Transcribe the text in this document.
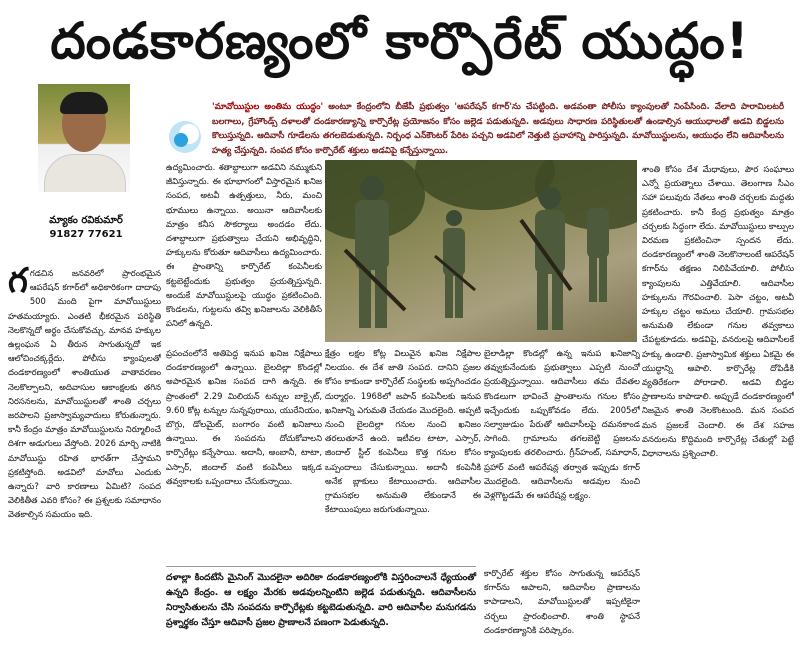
దండకారణ్యంలో కార్పొరేట్ యుద్ధం!
మ్యాకం రవికుమార్
91827 77621
'మావోయిస్టుల అంతిమ యుద్ధం' అంటూ కేంద్రంలోని బీజేపీ ప్రభుత్వం 'ఆపరేషన్ కగార్'ను చేపట్టింది. అడవంతా పోలీసు క్యాంపులతో నింపేసింది. వేలాది పారామిలటరీ బలగాలు, గ్రేహౌండ్స్ దళాలతో దండకారణ్యాన్ని కార్పొరేట్ల ప్రయోజనం కోసం జల్లెడ పడుతున్నది. అడవులు సాధారణ పరిస్థితులతో ఉండాల్సిన ఆయుధాలతో అడవి బిడ్డలను కొలుస్తున్నది. ఆదివాసీ గూడేలను తగలబెడుతున్నది. నిర్బంధ ఎన్‌కౌంటర్ పేరిట పచ్చని అడవిలో నెత్తుటి ప్రవాహాన్ని పారిస్తున్నది. మావోయిస్టులను, ఆయుధం లేని ఆదివాసీలను హత్య చేస్తున్నది. సంపద కోసం కార్పొరేట్ శక్తులు అడవిపై కన్నేస్తున్నాయి.
గగడచిన జనవరిలో ప్రారంభమైన ఆపరేషన్ కగార్‌లో అధికారికంగా దాదాపు 500 మంది పైగా మావోయిస్టులు హతమయ్యారు. ఎంతటి భీకరమైన పరిస్థితి నెలకొన్నదో అర్థం చేసుకోవచ్చు. మానవ హక్కుల ఉల్లంఘన ఏ తీరున సాగుతున్నదో ఇక ఆలోచించక్కర్లేదు. పోలీసు క్యాంపులతో దండకారణ్యంలో శాంతియుత వాతావరణం నెలకొల్పాలని, అదివాసుల ఆకాంక్షలకు తగిన నిరసనలను, మావోయిస్టులతో శాంతి చర్చలు జరపాలని ప్రజాస్వామ్యవాదులు కోరుతున్నారు. కానీ కేంద్రం మాత్రం మావోయిస్టులను నిర్మూలించే దిశగా అడుగులు వేస్తోంది. 2026 మార్చి నాటికి మావోయిస్టు రహిత భారత్‌గా చేస్తామని ప్రకటిస్తోంది. అడవిలో మావోలు ఎందుకు ఉన్నారు? వారి కారణాలు ఏమిటి? సంపద వెలికితీత ఎవరి కోసం? ఈ ప్రశ్నలకు సమాధానం వెతకాల్సిన సమయం ఇది.
ఉద్యమించారు. శతాబ్దాలుగా అడవిని నమ్ముకుని జీవిస్తున్నారు. ఈ భూభాగంలో విస్తారమైన ఖనిజ సంపద, అటవీ ఉత్పత్తులు, నీరు, మంచి భూములు ఉన్నాయి. అయినా ఆదివాసీలకు మాత్రం కనీస సౌకర్యాలు అందడం లేదు. దశాబ్దాలుగా ప్రభుత్వాలు చేయని అభివృద్ధిని, హక్కులను కోరుతూ ఆదివాసీలు ఉద్యమించారు. ఈ ప్రాంతాన్ని కార్పొరేట్ కంపెనీలకు కట్టబెట్టేందుకు ప్రభుత్వం ప్రయత్నిస్తున్నది. అందుకే మావోయిస్టులపై యుద్ధం ప్రకటించింది. కొండలను, గుట్టలను తవ్వి ఖనిజాలను వెలికితీసే పనిలో ఉన్నది.
ప్రపంచంలోనే అతిపెద్ద ఇనుప ఖనిజ నిక్షేపాలు దండకారణ్యంలో ఉన్నాయి. బైలదిల్లా కొండల్లో అపారమైన ఖనిజ సంపద దాగి ఉన్నది. ఈ ప్రాంతంలో 2.29 మిలియన్ టన్నుల బాక్సైట్, 9.60 కోట్ల టన్నుల సున్నపురాయి, యురేనియం, బొగ్గు, డోలమైట్, బంగారం వంటి ఖనిజాలు ఉన్నాయి. ఈ సంపదను దోచుకోవాలని కార్పొరేట్లు కన్నేసాయి. అదానీ, అంబానీ, టాటా, ఎస్సార్, జిందాల్ వంటి కంపెనీలు ఇక్కడ తవ్వకాలకు ఒప్పందాలు చేసుకున్నాయి.
క్షేత్రం లక్షల కోట్ల విలువైన ఖనిజ నిక్షేపాల నిలయం. ఈ దేశ జాతి సంపద. దానిని ప్రజల కోసం కాకుండా కార్పొరేట్ సంస్థలకు అప్పగించడం దుర్మార్గం. 1968లో జపాన్ కంపెనీలకు ఇనుప ఖనిజాన్ని ఎగుమతి చేయడం మొదలైంది. అప్పటి నుంచి బైలదిల్లా గనుల నుంచి ఖనిజం తరలుతూనే ఉంది. ఇటీవల టాటా, ఎస్సార్, జిందాల్ స్టీల్ కంపెనీలు కొత్త గనుల కోసం ఒప్పందాలు చేసుకున్నాయి. అదానీ కంపెనీకి అనేక బ్లాకులు కేటాయించారు. ఆదివాసీల గ్రామసభల అనుమతి లేకుండానే ఈ కేటాయింపులు జరుగుతున్నాయి.
బైలాడిల్లా కొండల్లో ఉన్న ఇనుప ఖనిజాన్ని తవ్వుకునేందుకు ప్రభుత్వాలు ఎప్పటి నుంచో ప్రయత్నిస్తున్నాయి. ఆదివాసీలు తమ దేవతల కొండలుగా భావించే ప్రాంతాలను గనుల కోసం ఇచ్చేందుకు ఒప్పుకోవడం లేదు. 2005లో సల్వాజుడుం పేరుతో ఆదివాసీలపై దమనకాండ సాగింది. గ్రామాలను తగలబెట్టి ప్రజలను క్యాంపులకు తరలించారు. గ్రీన్‌హంట్, సమాధాన్, ప్రహార్ వంటి ఆపరేషన్ల తర్వాత ఇప్పుడు కగార్ మొదలైంది. ఆదివాసీలను అడవుల నుంచి వెళ్లగొట్టడమే ఈ ఆపరేషన్ల లక్ష్యం.
శాంతి కోసం దేశ మేధావులు, పౌర సంఘాలు ఎన్నో ప్రయత్నాలు చేశాయి. తెలంగాణ సీఎం సహా పలువురు నేతలు శాంతి చర్చలకు మద్దతు ప్రకటించారు. కానీ కేంద్ర ప్రభుత్వం మాత్రం చర్చలకు సిద్ధంగా లేదు. మావోయిస్టులు కాల్పుల విరమణ ప్రకటించినా స్పందన లేదు. దండకారణ్యంలో శాంతి నెలకొనాలంటే ఆపరేషన్ కగార్‌ను తక్షణం నిలిపివేయాలి. పోలీసు క్యాంపులను ఎత్తివేయాలి. ఆదివాసీల హక్కులను గౌరవించాలి. పెసా చట్టం, అటవీ హక్కుల చట్టం అమలు చేయాలి. గ్రామసభల అనుమతి లేకుండా గనుల తవ్వకాలు చేపట్టకూడదు. అడవిపై, వనరులపై ఆదివాసీలకే హక్కు ఉండాలి. ప్రజాస్వామిక శక్తులు ఏకమై ఈ యుద్ధాన్ని ఆపాలి. కార్పొరేట్ల దోపిడీకి వ్యతిరేకంగా పోరాడాలి. అడవి బిడ్డల ప్రాణాలను కాపాడాలి. అప్పుడే దండకారణ్యంలో నిజమైన శాంతి నెలకొంటుంది. మన సంపద మన ప్రజలకే చెందాలి. ఈ దేశ సహజ వనరులను కొద్దిమంది కార్పొరేట్ల చేతుల్లో పెట్టే విధానాలను ప్రశ్నించాలి.
దళాల్లా కిందటేసే మైనింగ్ మొదలైనా అదిరికా దండకారణ్యంలోకి విస్తరించాలనే ధ్యేయంతో ఉన్నది కేంద్రం. ఆ లక్ష్యం మేరకు అడవులన్నింటిని జల్లెడ పడుతున్నది. ఆదివాసీలను నిర్వాసితులను చేసి సంపదను కార్పొరేట్లకు కట్టబెడుతున్నది. వారి ఆదివాసీల మనుగడను ప్రశ్నార్థకం చేస్తూ ఆదివాసీ ప్రజల ప్రాణాలనే పణంగా పెడుతున్నది.
కార్పొరేట్ శక్తుల కోసం సాగుతున్న ఆపరేషన్ కగార్‌ను ఆపాలని, ఆదివాసీల ప్రాణాలను కాపాడాలని, మావోయిస్టులతో ఇప్పటికైనా చర్చలు ప్రారంభించాలి. శాంతి స్థాపనే దండకారణ్యానికి పరిష్కారం.
